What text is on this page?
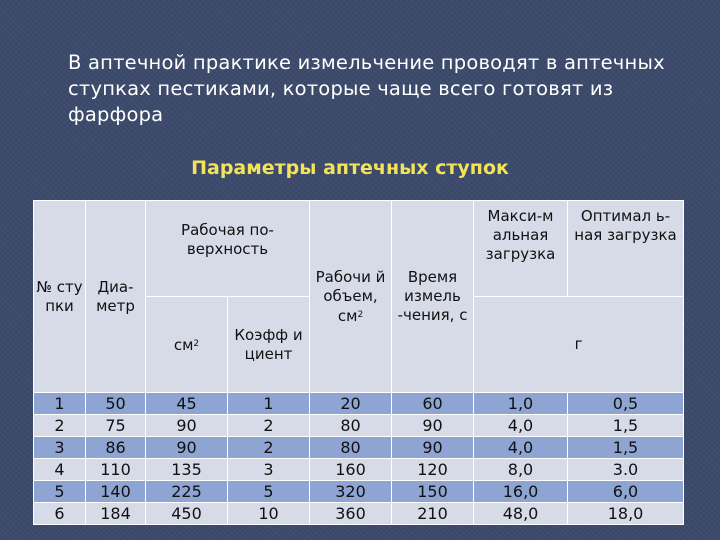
В аптечной практике измельчение проводят в аптечных ступках пестиками, которые чаще всего готовят из фарфора

Параметры аптечных ступок
№ сту пки	Диа- метр	Рабочая по- верхность		Рабочи й объем, $см^2$	Время измель -чения, с	Макси-м альная загрузка	Оптимал ь- ная загрузка
		$см^2$	Коэфф и циент			г	
1	50	45	1	20	60	1,0	0,5
2	75	90	2	80	90	4,0	1,5
3	86	90	2	80	90	4,0	1,5
4	110	135	3	160	120	8,0	3.0
5	140	225	5	320	150	16,0	6,0
6	184	450	10	360	210	48,0	18,0
